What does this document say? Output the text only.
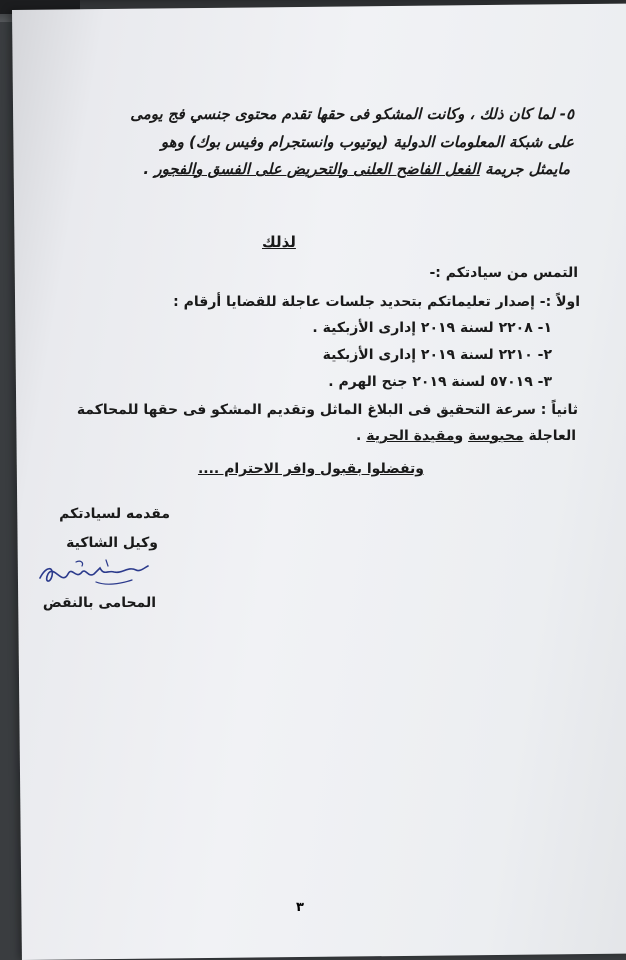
٥- لما كان ذلك ، وكانت المشكو فى حقها تقدم محتوى جنسي فج يومى
على شبكة المعلومات الدولية (يوتيوب وانستجرام وفيس بوك) وهو
مايمثل جريمة الفعل الفاضح العلنى والتحريض على الفسق والفجور .
لذلك
التمس من سيادتكم :-
اولاً :- إصدار تعليماتكم بتحديد جلسات عاجلة للقضايا أرقام :
١- ٢٢٠٨ لسنة ٢٠١٩ إدارى الأزبكية .
٢- ٢٢١٠ لسنة ٢٠١٩ إدارى الأزبكية
٣- ٥٧٠١٩ لسنة ٢٠١٩ جنح الهرم .
ثانياً : سرعة التحقيق فى البلاغ الماثل وتقديم المشكو فى حقها للمحاكمة
العاجلة محبوسة ومقيدة الحرية .
وتفضلوا بقبول وافر الاحترام ....
مقدمه لسيادتكم
وكيل الشاكية
المحامى بالنقض
٣
